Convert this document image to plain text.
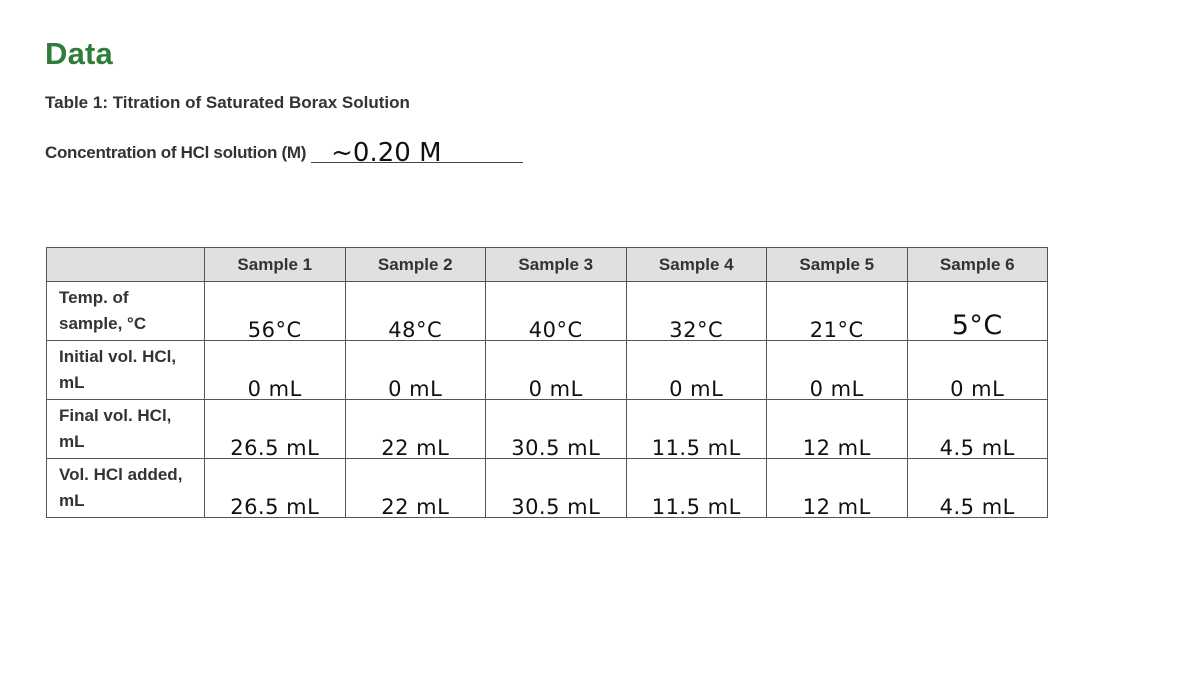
Data
Table 1: Titration of Saturated Borax Solution
Concentration of HCl solution (M) ~0.20 M
	Sample 1	Sample 2	Sample 3	Sample 4	Sample 5	Sample 6

Temp. of
sample, °C	56°C	48°C	40°C	32°C	21°C	5°C

Initial vol. HCl,
mL	0 mL	0 mL	0 mL	0 mL	0 mL	0 mL

Final vol. HCl,
mL	26.5 mL	22 mL	30.5 mL	11.5 mL	12 mL	4.5 mL

Vol. HCl added,
mL	26.5 mL	22 mL	30.5 mL	11.5 mL	12 mL	4.5 mL
